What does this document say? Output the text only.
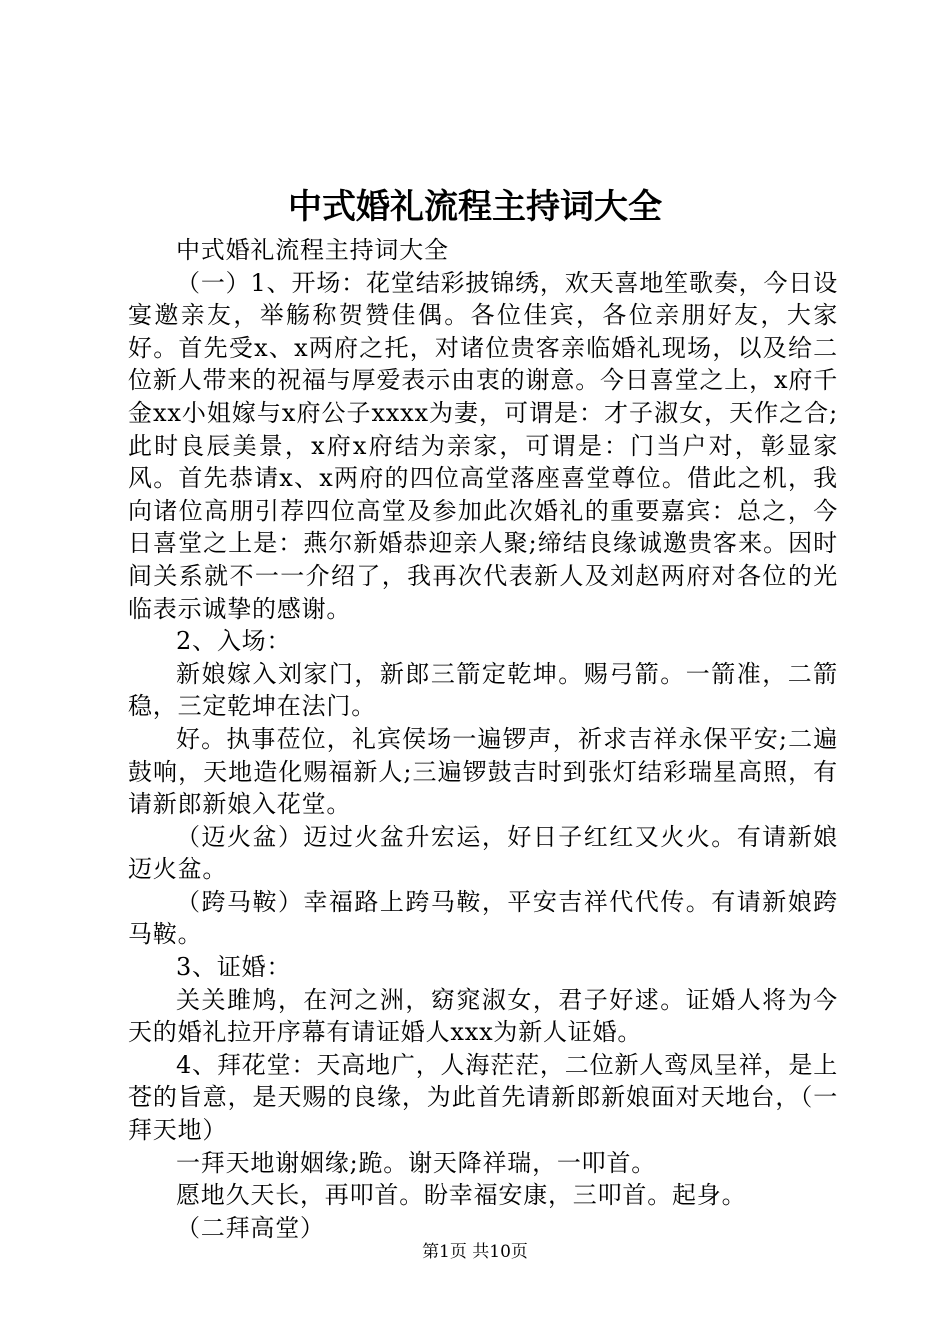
中式婚礼流程主持词大全

中式婚礼流程主持词大全

（一）1、开场：花堂结彩披锦绣，欢天喜地笙歌奏，今日设宴邀亲友，举觞称贺赞佳偶。各位佳宾，各位亲朋好友，大家好。首先受x、x两府之托，对诸位贵客亲临婚礼现场，以及给二位新人带来的祝福与厚爱表示由衷的谢意。今日喜堂之上，x府千金xx小姐嫁与x府公子xxxx为妻，可谓是：才子淑女，天作之合;此时良辰美景，x府x府结为亲家，可谓是：门当户对，彰显家风。首先恭请x、x两府的四位高堂落座喜堂尊位。借此之机，我向诸位高朋引荐四位高堂及参加此次婚礼的重要嘉宾：总之，今日喜堂之上是：燕尔新婚恭迎亲人聚;缔结良缘诚邀贵客来。因时间关系就不一一介绍了，我再次代表新人及刘赵两府对各位的光临表示诚挚的感谢。

2、入场：

新娘嫁入刘家门，新郎三箭定乾坤。赐弓箭。一箭准，二箭稳，三定乾坤在法门。

好。执事莅位，礼宾侯场一遍锣声，祈求吉祥永保平安;二遍鼓响，天地造化赐福新人;三遍锣鼓吉时到张灯结彩瑞星高照，有请新郎新娘入花堂。

（迈火盆）迈过火盆升宏运，好日子红红又火火。有请新娘迈火盆。

（跨马鞍）幸福路上跨马鞍，平安吉祥代代传。有请新娘跨马鞍。

3、证婚：

关关雎鸠，在河之洲，窈窕淑女，君子好逑。证婚人将为今天的婚礼拉开序幕有请证婚人xxx为新人证婚。

4、拜花堂：天高地广，人海茫茫，二位新人鸾凤呈祥，是上苍的旨意，是天赐的良缘，为此首先请新郎新娘面对天地台，（一拜天地）

一拜天地谢姻缘;跪。谢天降祥瑞，一叩首。

愿地久天长，再叩首。盼幸福安康，三叩首。起身。

（二拜高堂）

第1页 共10页
